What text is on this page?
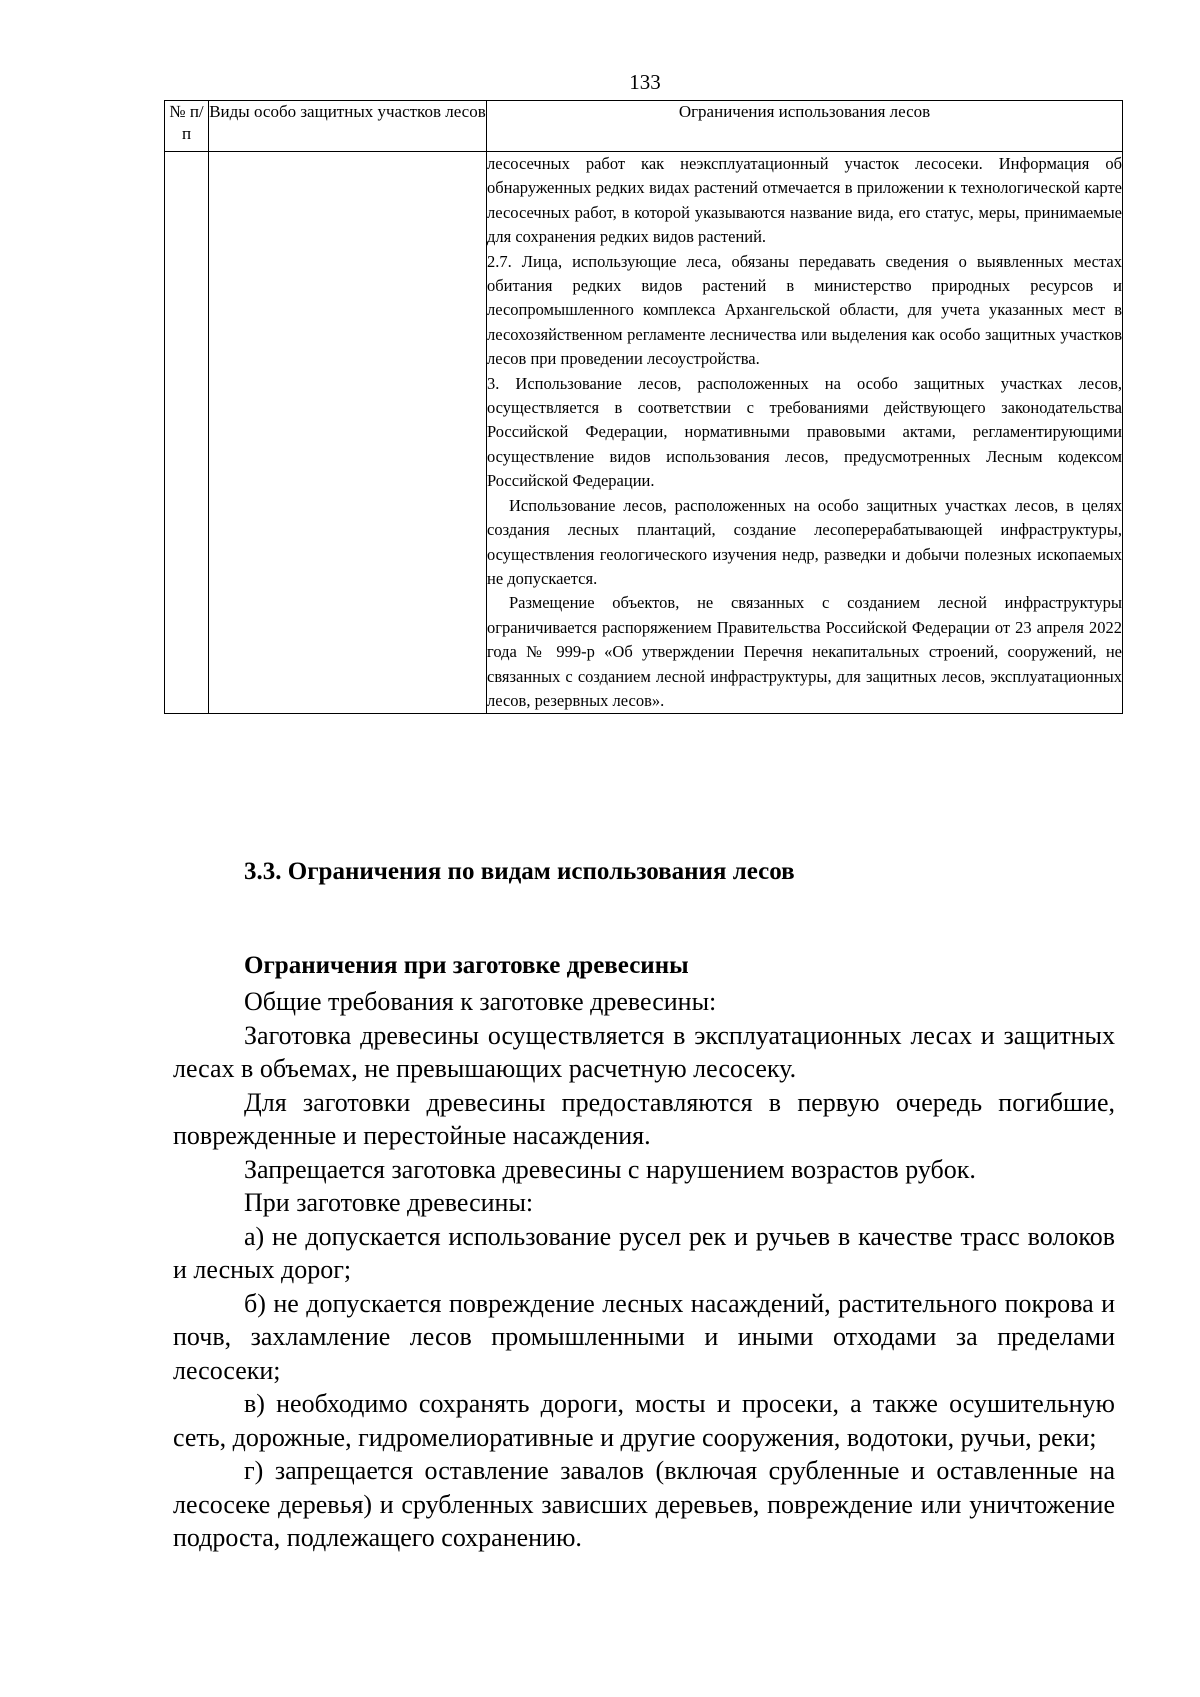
133
№ п/п	Виды особо защитных участков лесов	Ограничения использования лесов

		лесосечных работ как неэксплуатационный участок лесосеки. Информация об обнаруженных редких видах растений отмечается в приложении к технологической карте лесосечных работ, в которой указываются название вида, его статус, меры, принимаемые для сохранения редких видов растений.

2.7. Лица, использующие леса, обязаны передавать сведения о выявленных местах обитания редких видов растений в министерство природных ресурсов и лесопромышленного комплекса Архангельской области, для учета указанных мест в лесохозяйственном регламенте лесничества или выделения как особо защитных участков лесов при проведении лесоустройства.

3. Использование лесов, расположенных на особо защитных участках лесов, осуществляется в соответствии с требованиями действующего законодательства Российской Федерации, нормативными правовыми актами, регламентирующими осуществление видов использования лесов, предусмотренных Лесным кодексом Российской Федерации.

Использование лесов, расположенных на особо защитных участках лесов, в целях создания лесных плантаций, создание лесоперерабатывающей инфраструктуры, осуществления геологического изучения недр, разведки и добычи полезных ископаемых не допускается.

Размещение объектов, не связанных с созданием лесной инфраструктуры ограничивается распоряжением Правительства Российской Федерации от 23 апреля 2022 года № 999-р «Об утверждении Перечня некапитальных строений, сооружений, не связанных с созданием лесной инфраструктуры, для защитных лесов, эксплуатационных лесов, резервных лесов».

3.3. Ограничения по видам использования лесов
Ограничения при заготовке древесины

Общие требования к заготовке древесины:

Заготовка древесины осуществляется в эксплуатационных лесах и защитных лесах в объемах, не превышающих расчетную лесосеку.

Для заготовки древесины предоставляются в первую очередь погибшие, поврежденные и перестойные насаждения.

Запрещается заготовка древесины с нарушением возрастов рубок.

При заготовке древесины:

а) не допускается использование русел рек и ручьев в качестве трасс волоков и лесных дорог;

б) не допускается повреждение лесных насаждений, растительного покрова и почв, захламление лесов промышленными и иными отходами за пределами лесосеки;

в) необходимо сохранять дороги, мосты и просеки, а также осушительную сеть, дорожные, гидромелиоративные и другие сооружения, водотоки, ручьи, реки;

г) запрещается оставление завалов (включая срубленные и оставленные на лесосеке деревья) и срубленных зависших деревьев, повреждение или уничтожение подроста, подлежащего сохранению.
